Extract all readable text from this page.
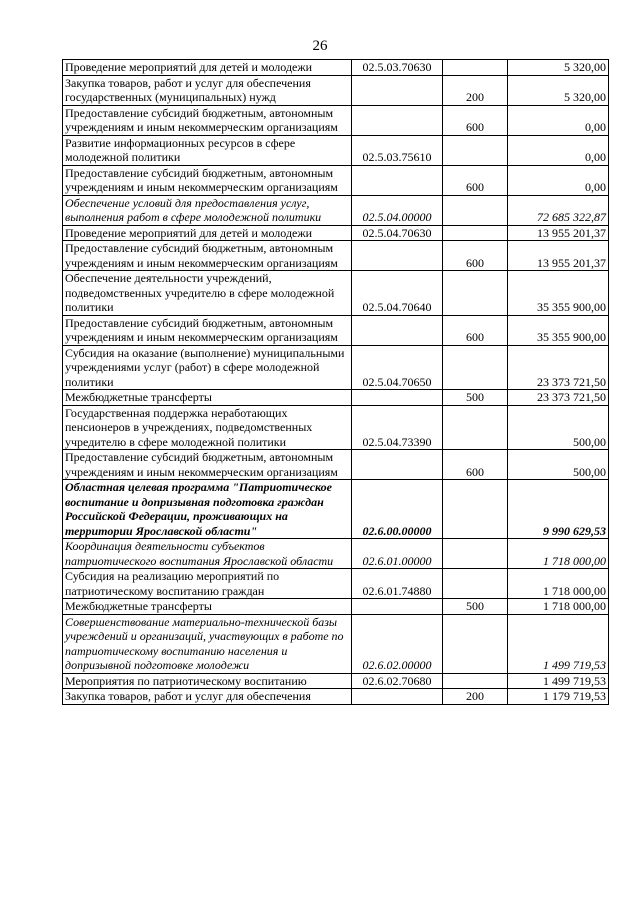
26
Проведение мероприятий для детей и молодежи	02.5.03.70630		5 320,00
Закупка товаров, работ и услуг для обеспечения государственных (муниципальных) нужд		200	5 320,00
Предоставление субсидий бюджетным, автономным учреждениям и иным некоммерческим организациям		600	0,00
Развитие информационных ресурсов в сфере молодежной политики	02.5.03.75610		0,00
Предоставление субсидий бюджетным, автономным учреждениям и иным некоммерческим организациям		600	0,00
Обеспечение условий для предоставления услуг, выполнения работ в сфере молодежной политики	02.5.04.00000		72 685 322,87
Проведение мероприятий для детей и молодежи	02.5.04.70630		13 955 201,37
Предоставление субсидий бюджетным, автономным учреждениям и иным некоммерческим организациям		600	13 955 201,37
Обеспечение деятельности учреждений, подведомственных учредителю в сфере молодежной политики	02.5.04.70640		35 355 900,00
Предоставление субсидий бюджетным, автономным учреждениям и иным некоммерческим организациям		600	35 355 900,00
Субсидия на оказание (выполнение) муниципальными учреждениями услуг (работ) в сфере молодежной политики	02.5.04.70650		23 373 721,50
Межбюджетные трансферты		500	23 373 721,50
Государственная поддержка неработающих пенсионеров в учреждениях, подведомственных учредителю в сфере молодежной политики	02.5.04.73390		500,00
Предоставление субсидий бюджетным, автономным учреждениям и иным некоммерческим организациям		600	500,00
Областная целевая программа "Патриотическое воспитание и допризывная подготовка граждан Российской Федерации, проживающих на территории Ярославской области"	02.6.00.00000		9 990 629,53
Координация деятельности субъектов патриотического воспитания Ярославской области	02.6.01.00000		1 718 000,00
Субсидия на реализацию мероприятий по патриотическому воспитанию граждан	02.6.01.74880		1 718 000,00
Межбюджетные трансферты		500	1 718 000,00
Совершенствование материально-технической базы учреждений и организаций, участвующих в работе по патриотическому воспитанию населения и допризывной подготовке молодежи	02.6.02.00000		1 499 719,53
Мероприятия по патриотическому воспитанию	02.6.02.70680		1 499 719,53
Закупка товаров, работ и услуг для обеспечения		200	1 179 719,53
